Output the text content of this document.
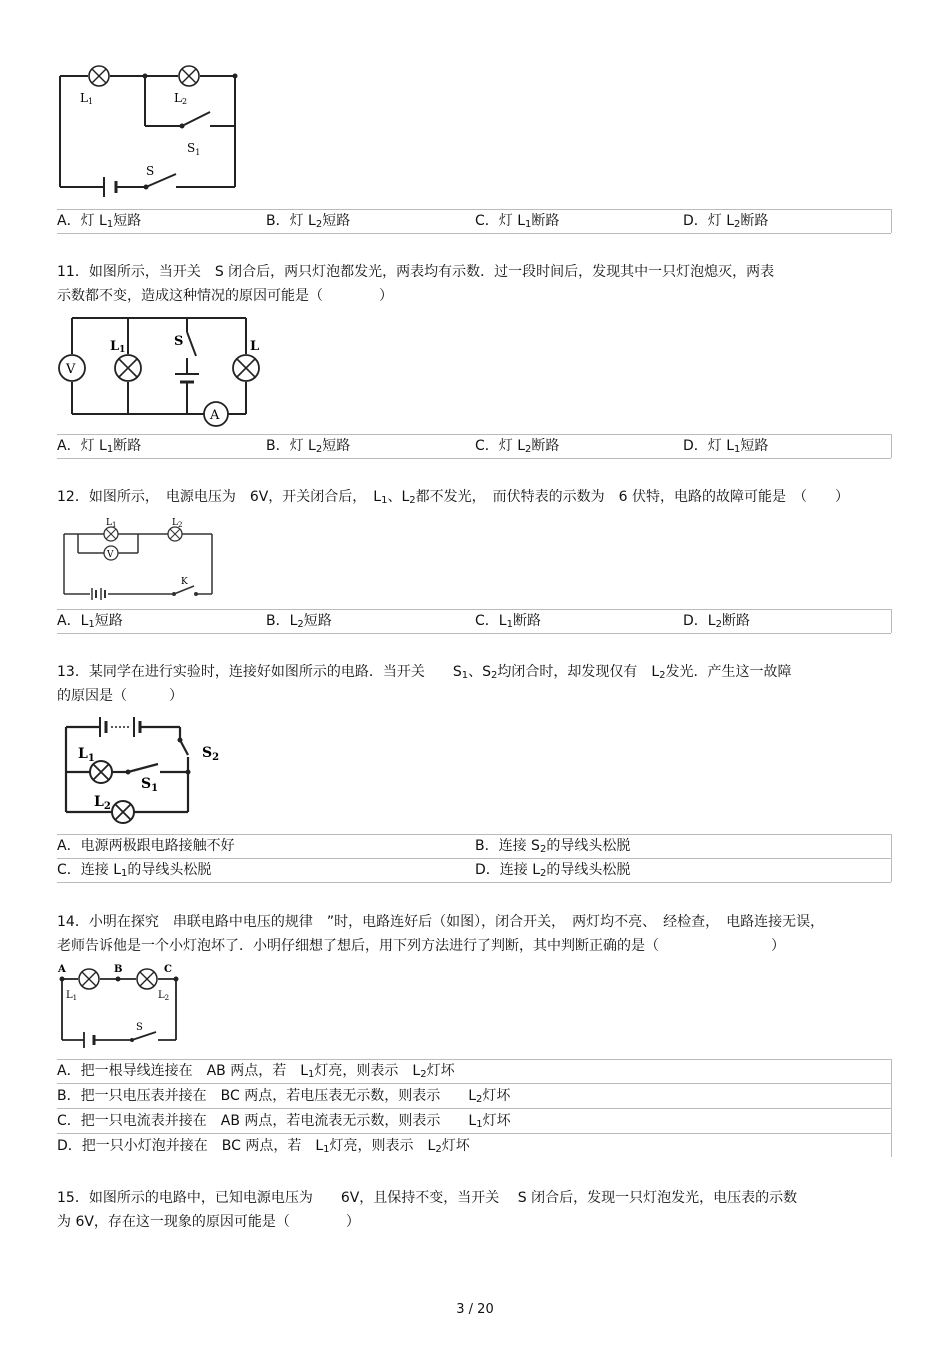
L1	L2
$S_1$
S
A．灯 $L_1$短路	B．灯 $L_2$短路	C．灯 $L_1$断路	D．灯 $L_2$断路
11．如图所示，当开关　S 闭合后，两只灯泡都发光，两表均有示数．过一段时间后，发现其中一只灯泡熄灭，两表
示数都不变，造成这种情况的原因可能是（　　　　）
V
A
L1
S	L
A．灯 $L_1$断路	B．灯 $L_2$短路	C．灯 $L_2$断路	D．灯 $L_1$短路
12．如图所示，　电源电压为　6V，开关闭合后，　$L_1$、$L_2$都不发光，　而伏特表的示数为　6 伏特，电路的故障可能是　（　　）
V
$L_1$	$L_2$
K
A．$L_1$短路	B．$L_2$短路	C．$L_1$断路	D．$L_2$断路
13．某同学在进行实验时，连接好如图所示的电路．当开关　　$S_1$、$S_2$均闭合时，却发现仅有　$L_2$发光．产生这一故障
的原因是（　　　）
$L_1$
$S_1$
$S_2$
$L_2$
A．电源两极跟电路接触不好	B．连接 $S_2$的导线头松脱
C．连接 $L_1$的导线头松脱	D．连接 $L_2$的导线头松脱
14．小明在探究　串联电路中电压的规律　”时，电路连好后（如图），闭合开关，　两灯均不亮、　经检查，　电路连接无误，
老师告诉他是一个小灯泡坏了．小明仔细想了想后，用下列方法进行了判断，其中判断正确的是（　　　　　　　　）
A	B	C
$L_1$	$L_2$
S
A．把一根导线连接在　AB 两点，若　$L_1$灯亮，则表示　$L_2$灯坏
B．把一只电压表并接在　BC 两点，若电压表无示数，则表示　　$L_2$灯坏
C．把一只电流表并接在　AB 两点，若电流表无示数，则表示　　$L_1$灯坏
D．把一只小灯泡并接在　BC 两点，若　$L_1$灯亮，则表示　$L_2$灯坏
15．如图所示的电路中，已知电源电压为　　6V，且保持不变，当开关　 S 闭合后，发现一只灯泡发光，电压表的示数
为 6V，存在这一现象的原因可能是（　　　　）
3 / 20
